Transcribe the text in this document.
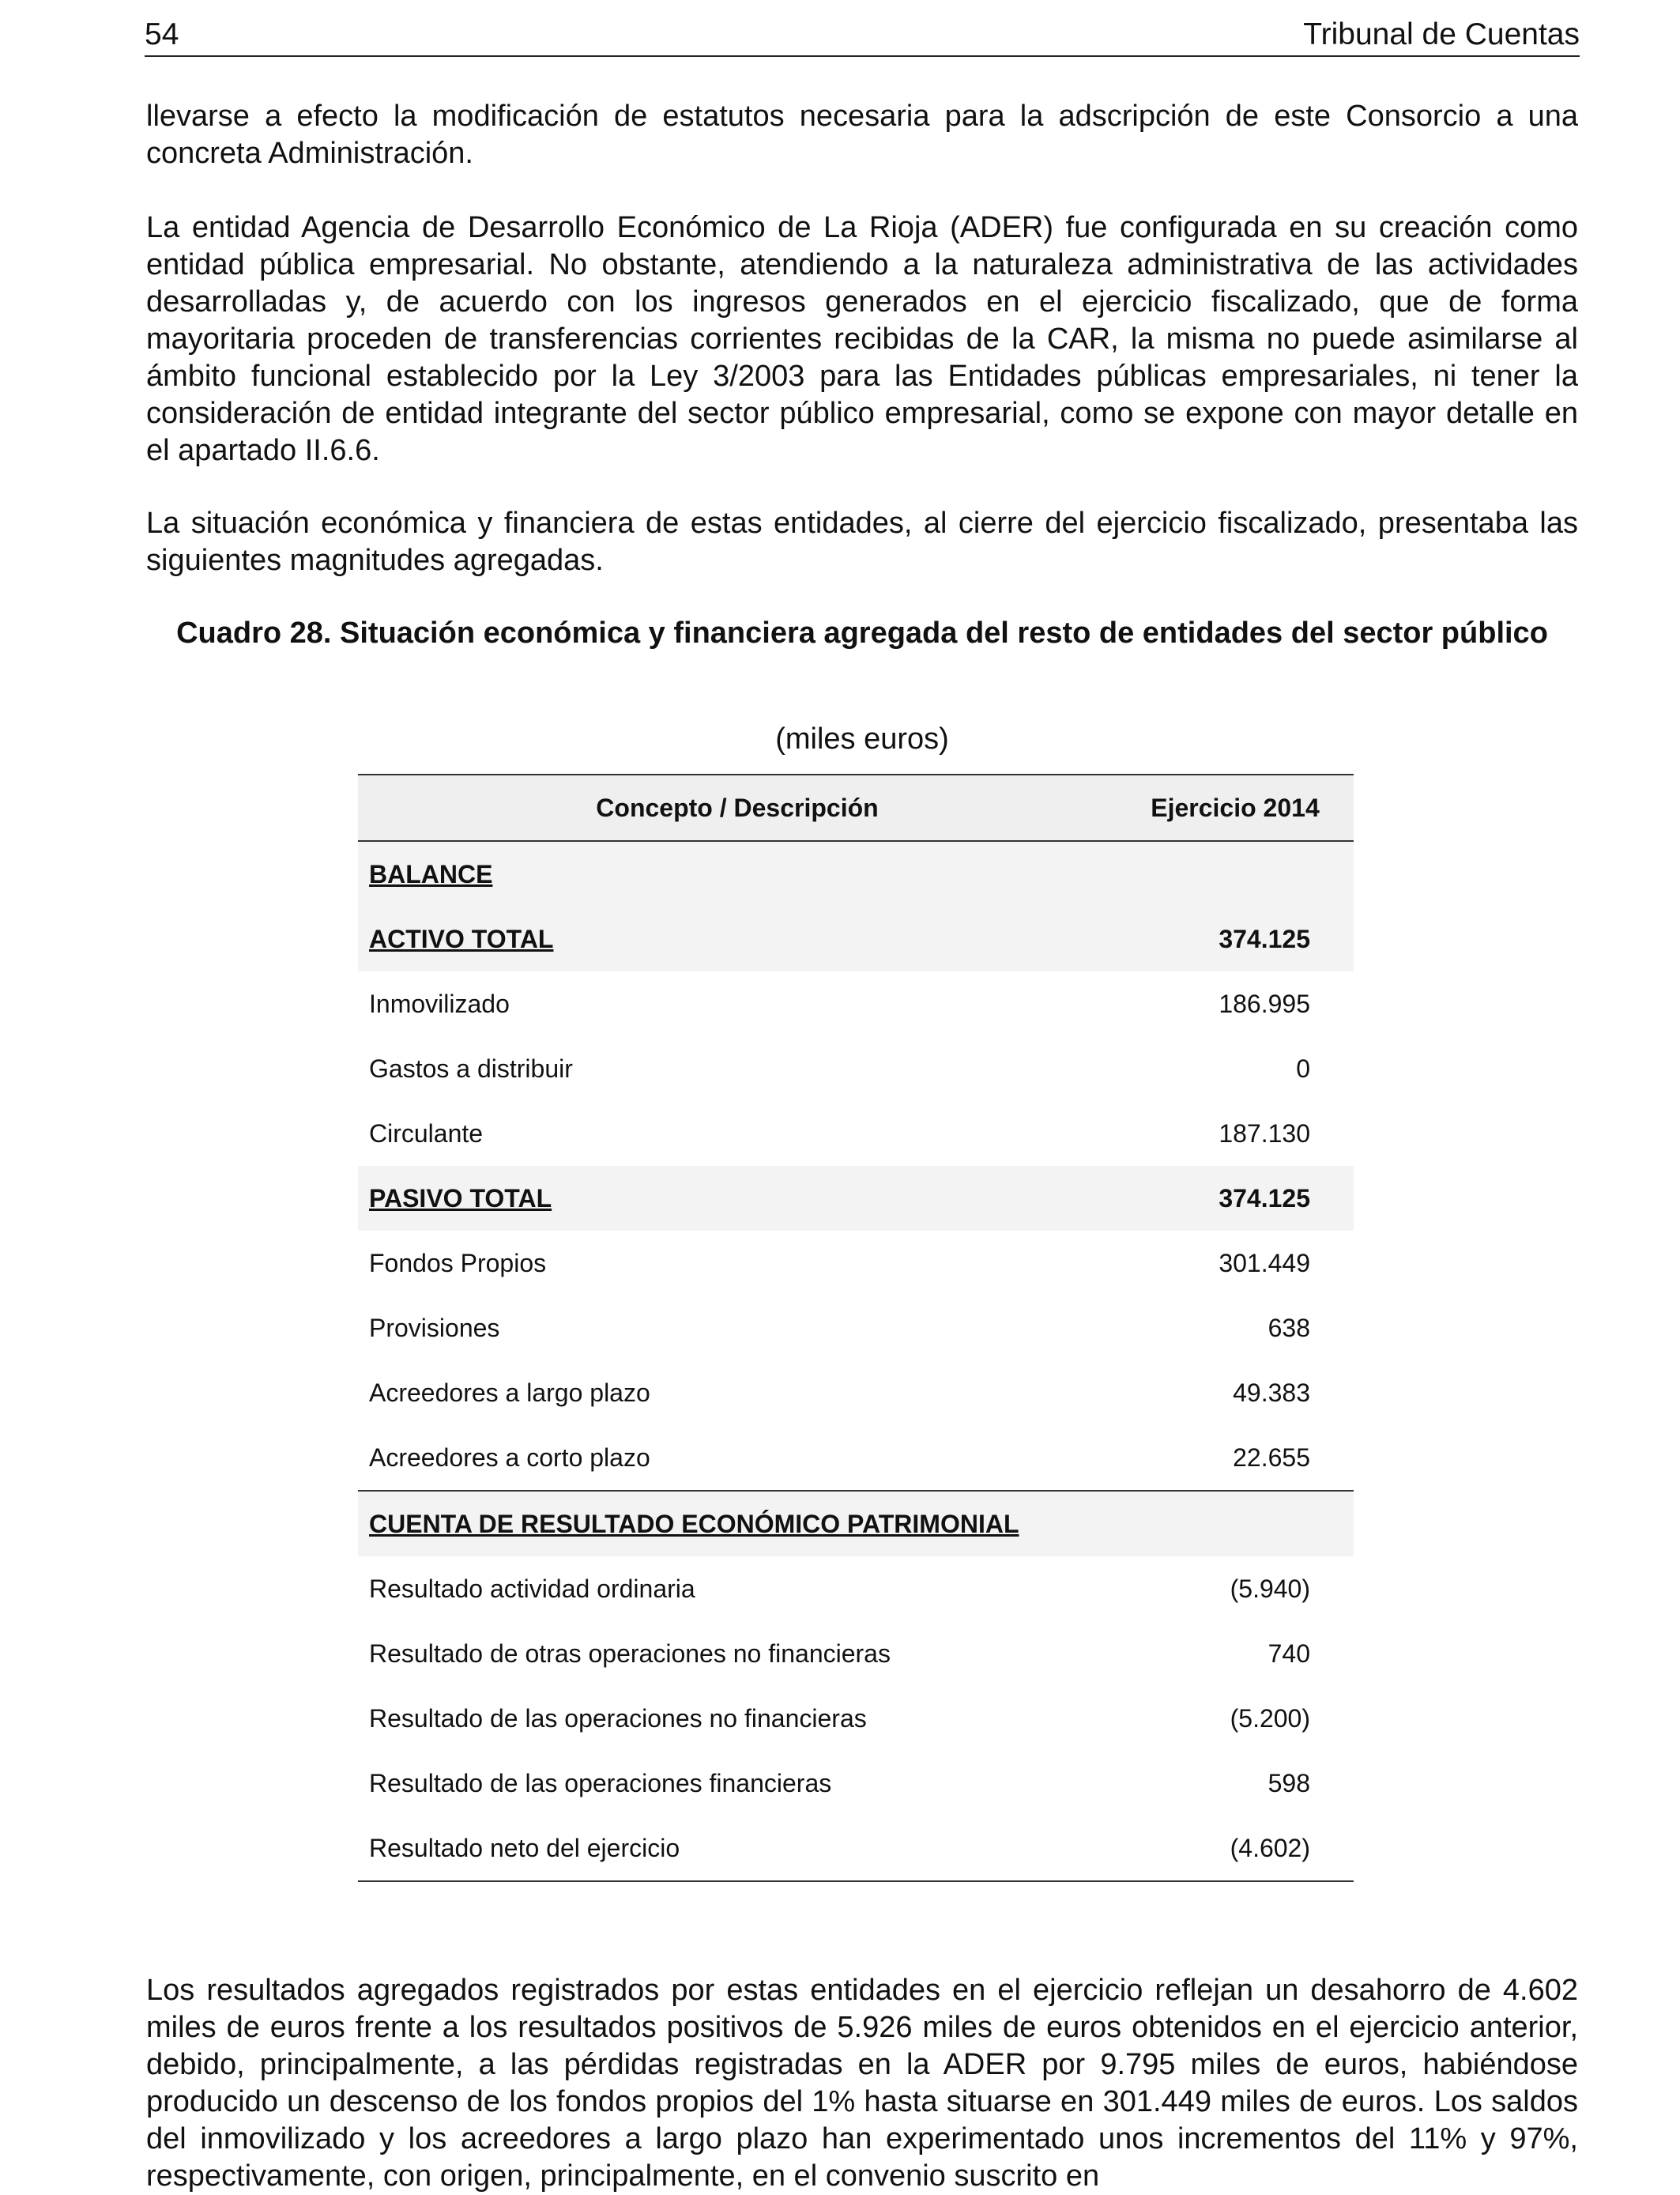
54	Tribunal de Cuentas

llevarse a efecto la modificación de estatutos necesaria para la adscripción de este Consorcio a una concreta Administración.

La entidad Agencia de Desarrollo Económico de La Rioja (ADER) fue configurada en su creación como entidad pública empresarial. No obstante, atendiendo a la naturaleza administrativa de las actividades desarrolladas y, de acuerdo con los ingresos generados en el ejercicio fiscalizado, que de forma mayoritaria proceden de transferencias corrientes recibidas de la CAR, la misma no puede asimilarse al ámbito funcional establecido por la Ley 3/2003 para las Entidades públicas empresariales, ni tener la consideración de entidad integrante del sector público empresarial, como se expone con mayor detalle en el apartado II.6.6.

La situación económica y financiera de estas entidades, al cierre del ejercicio fiscalizado, presentaba las siguientes magnitudes agregadas.

Cuadro 28. Situación económica y financiera agregada del resto de entidades del sector público

(miles euros)
Concepto / Descripción	Ejercicio 2014
BALANCE	
ACTIVO TOTAL	374.125
Inmovilizado	186.995
Gastos a distribuir	0
Circulante	187.130
PASIVO TOTAL	374.125
Fondos Propios	301.449
Provisiones	638
Acreedores a largo plazo	49.383
Acreedores a corto plazo	22.655
CUENTA DE RESULTADO ECONÓMICO PATRIMONIAL	
Resultado actividad ordinaria	(5.940)
Resultado de otras operaciones no financieras	740
Resultado de las operaciones no financieras	(5.200)
Resultado de las operaciones financieras	598
Resultado neto del ejercicio	(4.602)

Los resultados agregados registrados por estas entidades en el ejercicio reflejan un desahorro de 4.602 miles de euros frente a los resultados positivos de 5.926 miles de euros obtenidos en el ejercicio anterior, debido, principalmente, a las pérdidas registradas en la ADER por 9.795 miles de euros, habiéndose producido un descenso de los fondos propios del 1% hasta situarse en 301.449 miles de euros. Los saldos del inmovilizado y los acreedores a largo plazo han experimentado unos incrementos del 11% y 97%, respectivamente, con origen, principalmente, en el convenio suscrito en
